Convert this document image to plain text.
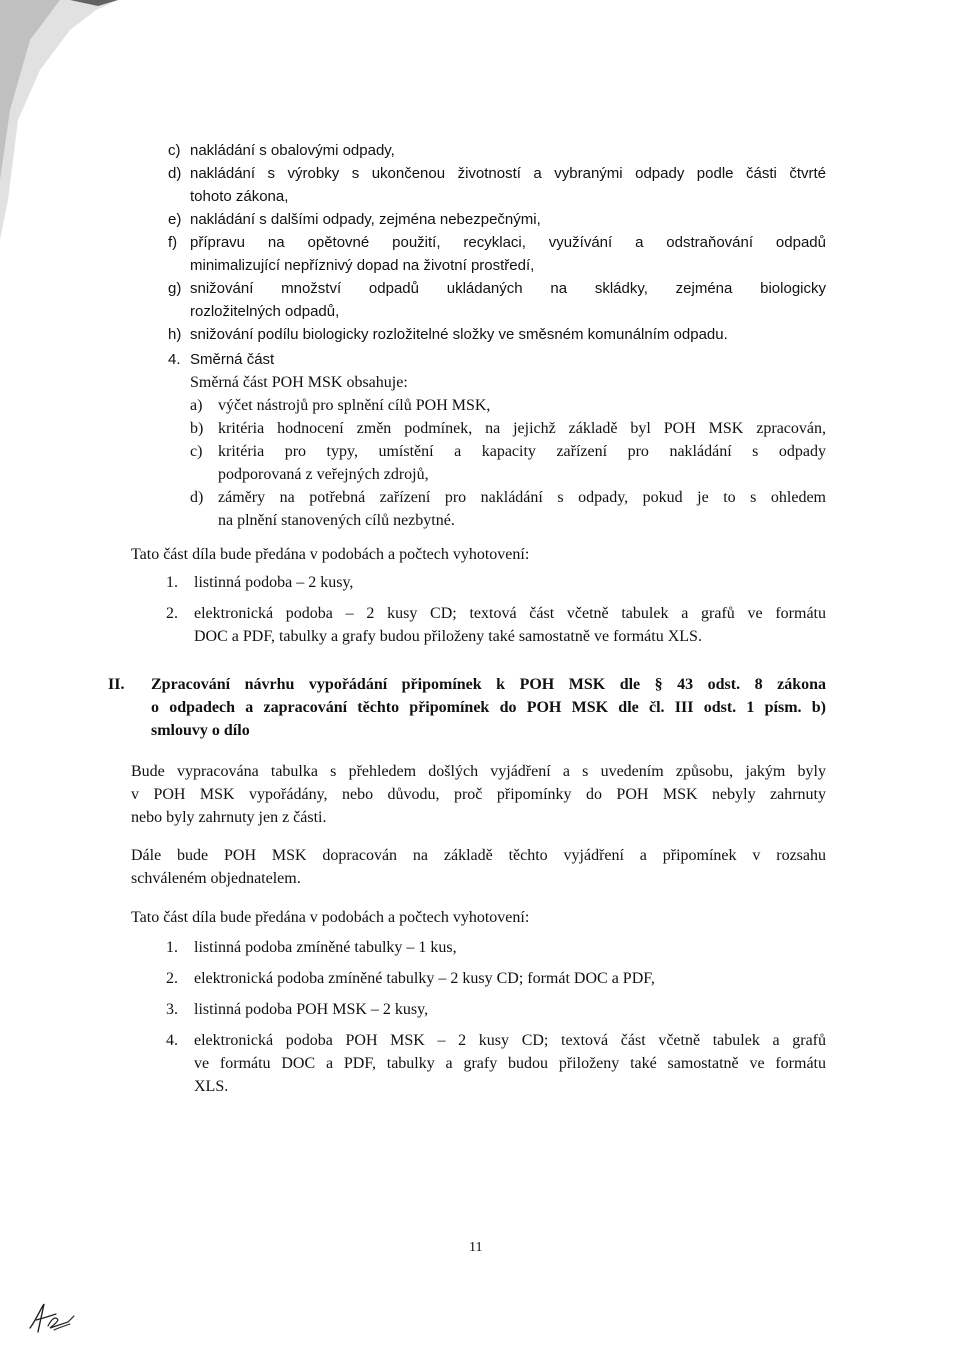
c) nakládání s obalovými odpady,
d) nakládání s výrobky s ukončenou životností a vybranými odpady podle části čtvrté
tohoto zákona,
e) nakládání s dalšími odpady, zejména nebezpečnými,
f) přípravu na opětovné použití, recyklaci, využívání a odstraňování odpadů
minimalizující nepříznivý dopad na životní prostředí,
g) snižování množství odpadů ukládaných na skládky, zejména biologicky
rozložitelných odpadů,
h) snižování podílu biologicky rozložitelné složky ve směsném komunálním odpadu.
4. Směrná část
Směrná část POH MSK obsahuje:
a) výčet nástrojů pro splnění cílů POH MSK,
b) kritéria hodnocení změn podmínek, na jejichž základě byl POH MSK zpracován,
c) kritéria pro typy, umístění a kapacity zařízení pro nakládání s odpady
podporovaná z veřejných zdrojů,
d) záměry na potřebná zařízení pro nakládání s odpady, pokud je to s ohledem
na plnění stanovených cílů nezbytné.
Tato část díla bude předána v podobách a počtech vyhotovení:
1. listinná podoba – 2 kusy,
2. elektronická podoba – 2 kusy CD; textová část včetně tabulek a grafů ve formátu
DOC a PDF, tabulky a grafy budou přiloženy také samostatně ve formátu XLS.
II. Zpracování návrhu vypořádání připomínek k POH MSK dle § 43 odst. 8 zákona
o odpadech a zapracování těchto připomínek do POH MSK dle čl. III odst. 1 písm. b)
smlouvy o dílo
Bude vypracována tabulka s přehledem došlých vyjádření a s uvedením způsobu, jakým byly
v POH MSK vypořádány, nebo důvodu, proč připomínky do POH MSK nebyly zahrnuty
nebo byly zahrnuty jen z části.
Dále bude POH MSK dopracován na základě těchto vyjádření a připomínek v rozsahu
schváleném objednatelem.
Tato část díla bude předána v podobách a počtech vyhotovení:
1. listinná podoba zmíněné tabulky – 1 kus,
2. elektronická podoba zmíněné tabulky – 2 kusy CD; formát DOC a PDF,
3. listinná podoba POH MSK – 2 kusy,
4. elektronická podoba POH MSK – 2 kusy CD; textová část včetně tabulek a grafů
ve formátu DOC a PDF, tabulky a grafy budou přiloženy také samostatně ve formátu
XLS.
11
